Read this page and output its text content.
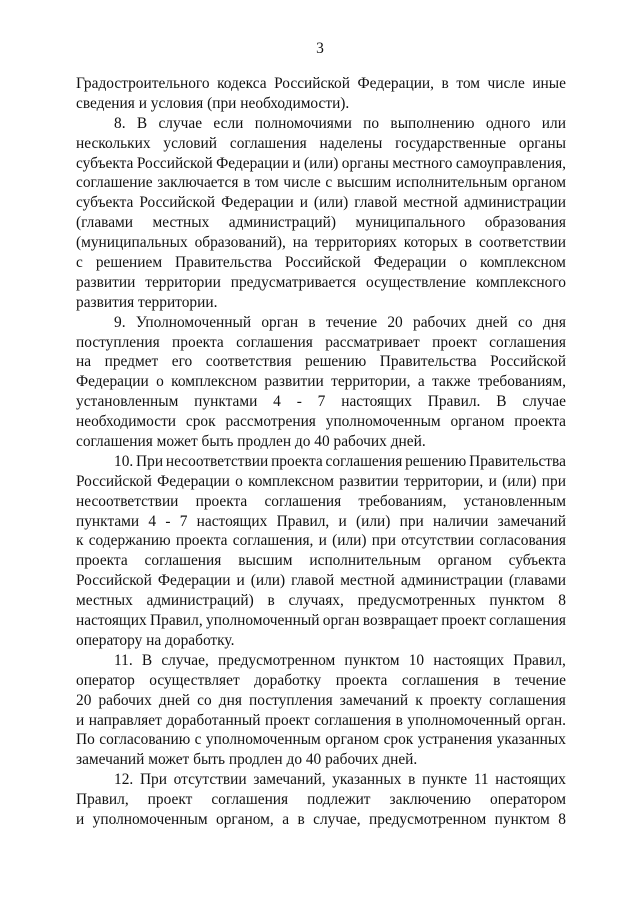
3
Градостроительного кодекса Российской Федерации, в том числе иные
сведения и условия (при необходимости).
8. В случае если полномочиями по выполнению одного или
нескольких условий соглашения наделены государственные органы
субъекта Российской Федерации и (или) органы местного самоуправления,
соглашение заключается в том числе с высшим исполнительным органом
субъекта Российской Федерации и (или) главой местной администрации
(главами местных администраций) муниципального образования
(муниципальных образований), на территориях которых в соответствии
с решением Правительства Российской Федерации о комплексном
развитии территории предусматривается осуществление комплексного
развития территории.
9. Уполномоченный орган в течение 20 рабочих дней со дня
поступления проекта соглашения рассматривает проект соглашения
на предмет его соответствия решению Правительства Российской
Федерации о комплексном развитии территории, а также требованиям,
установленным пунктами 4 - 7 настоящих Правил. В случае
необходимости срок рассмотрения уполномоченным органом проекта
соглашения может быть продлен до 40 рабочих дней.
10. При несоответствии проекта соглашения решению Правительства
Российской Федерации о комплексном развитии территории, и (или) при
несоответствии проекта соглашения требованиям, установленным
пунктами 4 - 7 настоящих Правил, и (или) при наличии замечаний
к содержанию проекта соглашения, и (или) при отсутствии согласования
проекта соглашения высшим исполнительным органом субъекта
Российской Федерации и (или) главой местной администрации (главами
местных администраций) в случаях, предусмотренных пунктом 8
настоящих Правил, уполномоченный орган возвращает проект соглашения
оператору на доработку.
11. В случае, предусмотренном пунктом 10 настоящих Правил,
оператор осуществляет доработку проекта соглашения в течение
20 рабочих дней со дня поступления замечаний к проекту соглашения
и направляет доработанный проект соглашения в уполномоченный орган.
По согласованию с уполномоченным органом срок устранения указанных
замечаний может быть продлен до 40 рабочих дней.
12. При отсутствии замечаний, указанных в пункте 11 настоящих
Правил, проект соглашения подлежит заключению оператором
и уполномоченным органом, а в случае, предусмотренном пунктом 8
